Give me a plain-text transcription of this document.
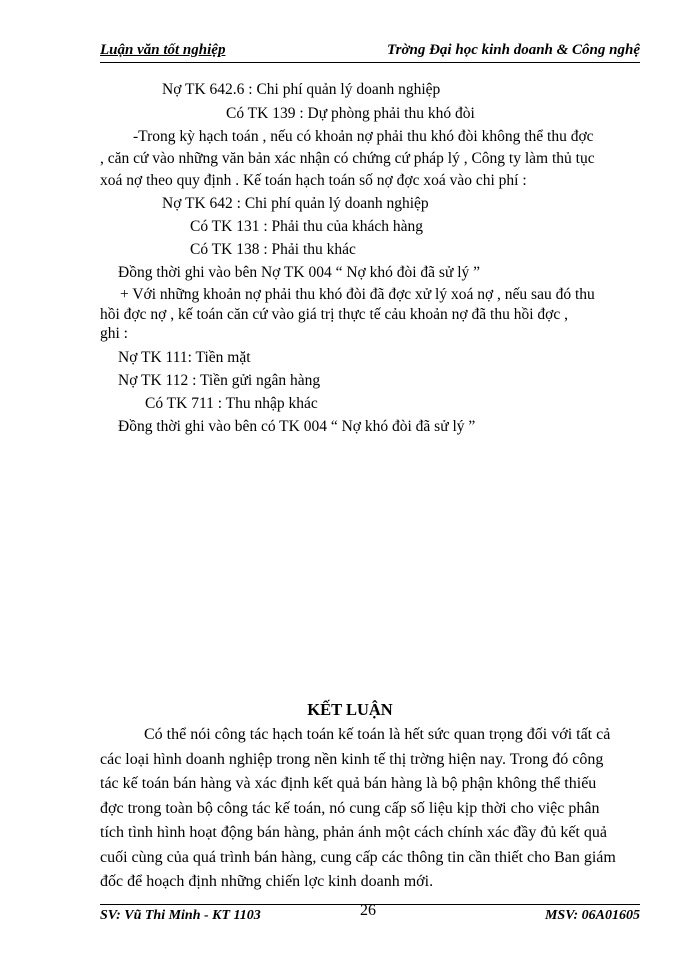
Luận văn tốt nghiệp	Trờng Đại học kinh doanh & Công nghệ
Nợ TK 642.6 : Chi phí quản lý doanh nghiệp
Có TK 139 : Dự phòng phải thu khó đòi
-Trong kỳ hạch toán , nếu có khoản nợ phải thu khó đòi không thể thu đợc
, căn cứ vào những văn bản xác nhận có chứng cứ pháp lý , Công ty làm thủ tục
xoá nợ theo quy định . Kế toán hạch toán số nợ đợc xoá vào chi phí :
Nợ TK 642 : Chi phí quản lý doanh nghiệp
Có TK 131 : Phải thu của khách hàng
Có TK 138 : Phải thu khác
Đồng thời ghi vào bên Nợ TK 004 “ Nợ khó đòi đã sử lý ”
+ Với những khoản nợ phải thu khó đòi đã đợc xử lý xoá nợ , nếu sau đó thu
hồi đợc nợ , kế toán căn cứ vào giá trị thực tế cảu khoản nợ đã thu hồi đợc ,
ghi :
Nợ TK 111: Tiền mặt
Nợ TK 112 : Tiền gửi ngân hàng
Có TK 711 : Thu nhập khác
Đồng thời ghi vào bên có TK 004 “ Nợ khó đòi đã sử lý ”
KẾT LUẬN
Có thể nói công tác hạch toán kế toán là hết sức quan trọng đối với tất cả
các loại hình doanh nghiệp trong nền kinh tế thị trờng hiện nay. Trong đó công
tác kế toán bán hàng và xác định kết quả bán hàng là bộ phận không thể thiếu
đợc trong toàn bộ công tác kế toán, nó cung cấp số liệu kịp thời cho việc phân
tích tình hình hoạt động bán hàng, phản ánh một cách chính xác đầy đủ kết quả
cuối cùng của quá trình bán hàng, cung cấp các thông tin cần thiết cho Ban giám
đốc để hoạch định những chiến lợc kinh doanh mới.
SV: Vũ Thi Minh - KT 1103	26	MSV: 06A01605
